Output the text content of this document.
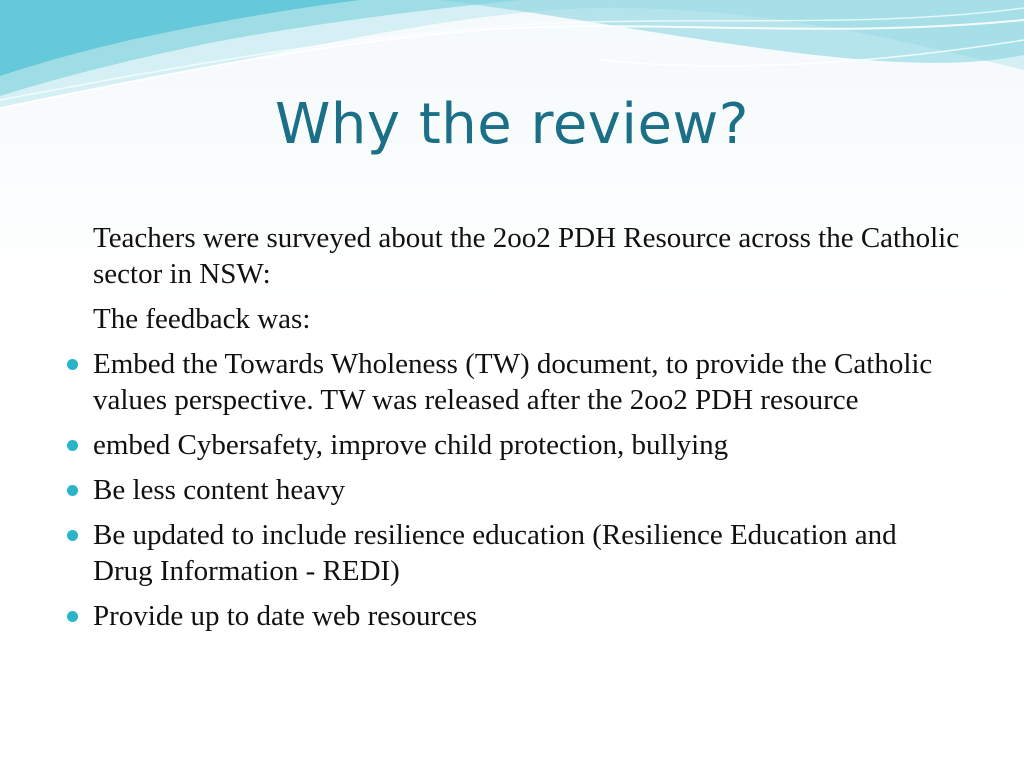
Why the review?

Teachers were surveyed about the 2oo2 PDH Resource across the Catholic sector in NSW:

The feedback was:

Embed the Towards Wholeness (TW) document, to provide the Catholic values perspective. TW was released after the 2oo2 PDH resource
embed Cybersafety, improve child protection, bullying
Be less content heavy
Be updated to include resilience education (Resilience Education and Drug Information - REDI)
Provide up to date web resources
